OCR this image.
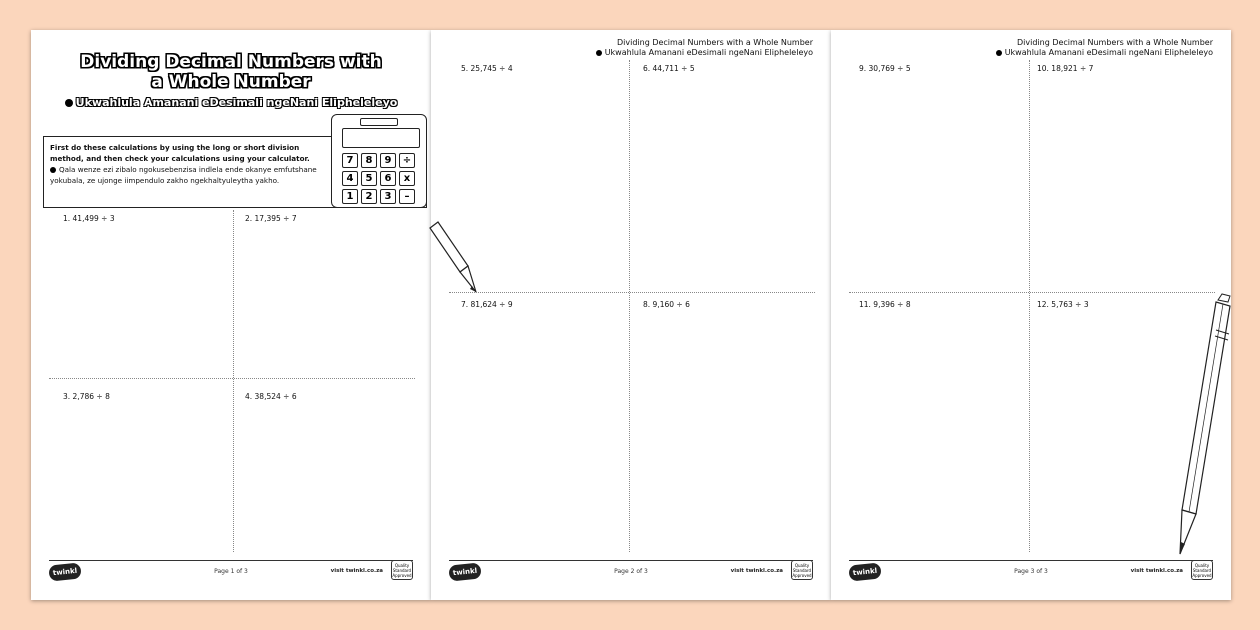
Dividing Decimal Numbers with
a Whole Number
Ukwahlula Amanani eDesimali ngeNani Elipheleleyo
First do these calculations by using the long or short division method, and then check your calculations using your calculator.
Qala wenze ezi zibalo ngokusebenzisa indlela ende okanye emfutshane yokubala, ze ujonge iimpendulo zakho ngekhaltyuleytha yakho.
7	8	9	÷
4	5	6	x
1	2	3	–
1. 41,499 ÷ 3	2. 17,395 ÷ 7
3. 2,786 ÷ 8	4. 38,524 ÷ 6
twinkl	Page 1 of 3	visit twinkl.co.za
Quality Standard Approved
Dividing Decimal Numbers with a Whole Number
Ukwahlula Amanani eDesimali ngeNani Elipheleleyo
5. 25,745 ÷ 4	6. 44,711 ÷ 5
7. 81,624 ÷ 9	8. 9,160 ÷ 6
twinkl	Page 2 of 3	visit twinkl.co.za
Quality Standard Approved
Dividing Decimal Numbers with a Whole Number
Ukwahlula Amanani eDesimali ngeNani Elipheleleyo
9. 30,769 ÷ 5	10. 18,921 ÷ 7
11. 9,396 ÷ 8	12. 5,763 ÷ 3
twinkl	Page 3 of 3	visit twinkl.co.za
Quality Standard Approved
